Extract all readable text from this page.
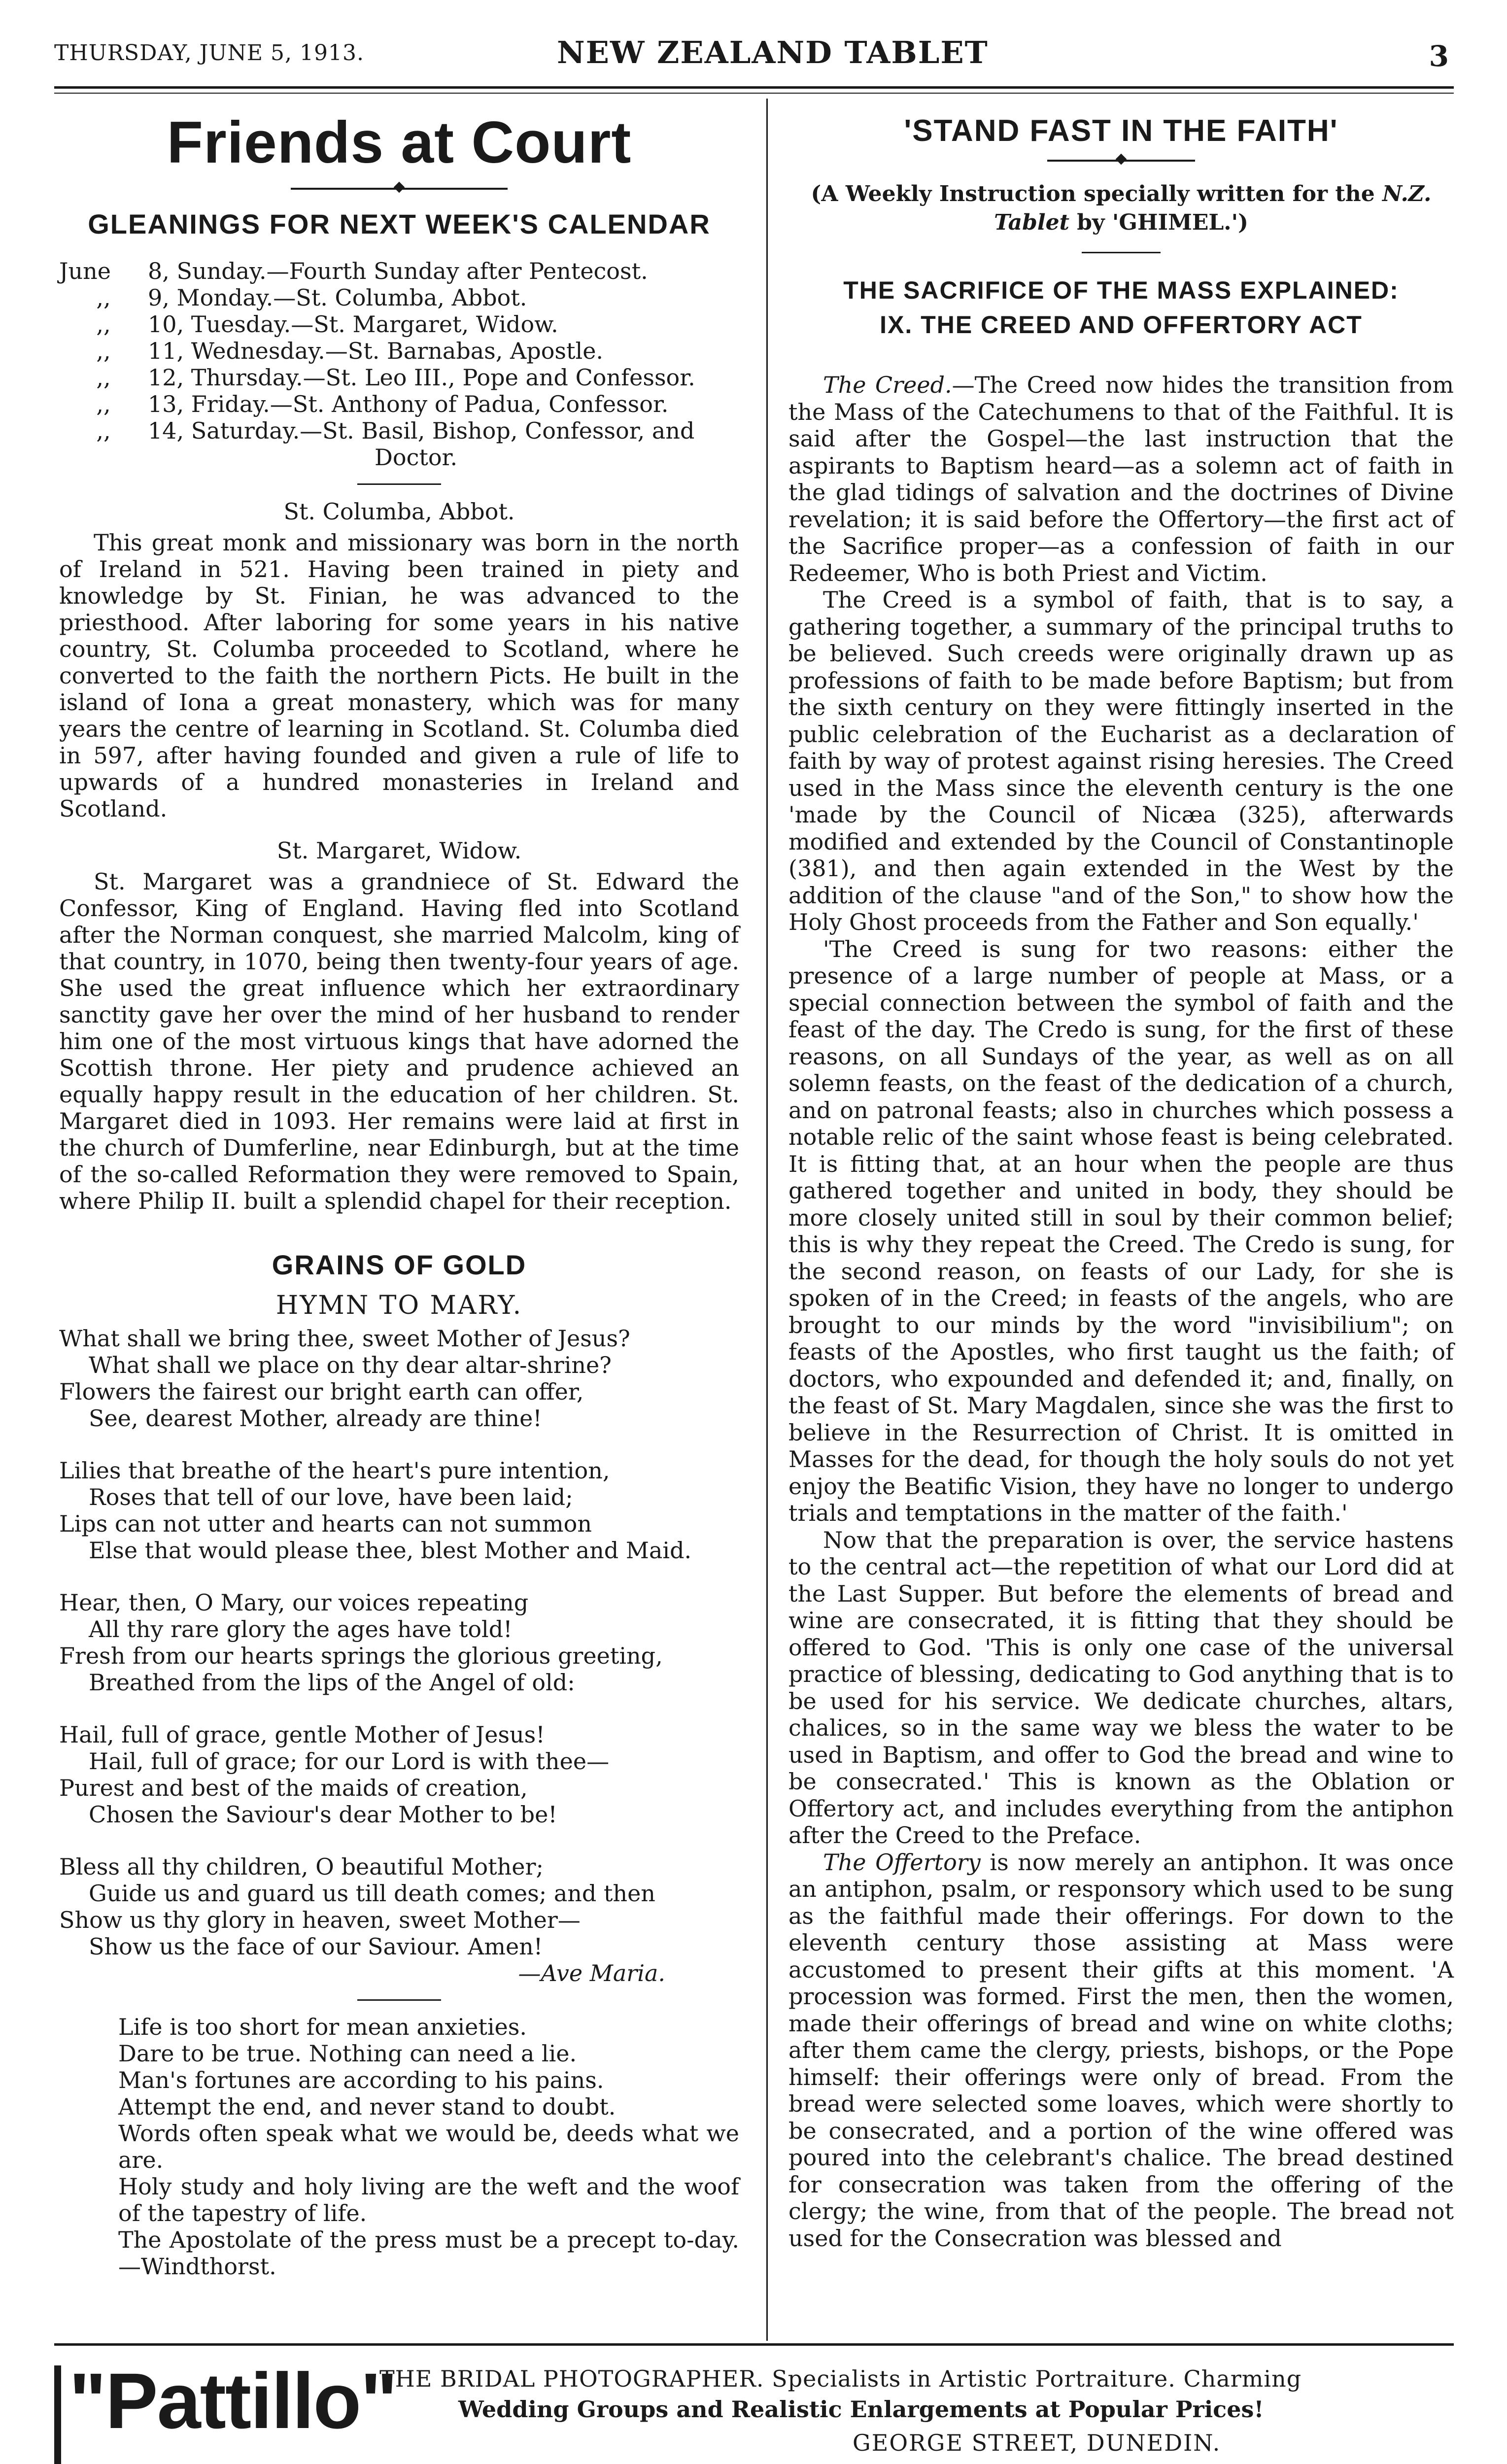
THURSDAY, JUNE 5, 1913.	NEW ZEALAND TABLET	3
Friends at Court
GLEANINGS FOR NEXT WEEK'S CALENDAR
June 8, Sunday.—Fourth Sunday after Pentecost.
,, 9, Monday.—St. Columba, Abbot.
,, 10, Tuesday.—St. Margaret, Widow.
,, 11, Wednesday.—St. Barnabas, Apostle.
,, 12, Thursday.—St. Leo III., Pope and Confessor.
,, 13, Friday.—St. Anthony of Padua, Confessor.
,, 14, Saturday.—St. Basil, Bishop, Confessor, and
Doctor.
St. Columba, Abbot.

This great monk and missionary was born in the north of Ireland in 521. Having been trained in piety and knowledge by St. Finian, he was advanced to the priesthood. After laboring for some years in his native country, St. Columba proceeded to Scotland, where he converted to the faith the northern Picts. He built in the island of Iona a great monastery, which was for many years the centre of learning in Scotland. St. Columba died in 597, after having founded and given a rule of life to upwards of a hundred monasteries in Ireland and Scotland.

St. Margaret, Widow.

St. Margaret was a grandniece of St. Edward the Confessor, King of England. Having fled into Scotland after the Norman conquest, she married Malcolm, king of that country, in 1070, being then twenty-four years of age. She used the great influence which her extraordinary sanctity gave her over the mind of her husband to render him one of the most virtuous kings that have adorned the Scottish throne. Her piety and prudence achieved an equally happy result in the education of her children. St. Margaret died in 1093. Her remains were laid at first in the church of Dumferline, near Edinburgh, but at the time of the so-called Reformation they were removed to Spain, where Philip II. built a splendid chapel for their reception.

GRAINS OF GOLD
HYMN TO MARY.
What shall we bring thee, sweet Mother of Jesus?
What shall we place on thy dear altar-shrine?
Flowers the fairest our bright earth can offer,
See, dearest Mother, already are thine!
Lilies that breathe of the heart's pure intention,
Roses that tell of our love, have been laid;
Lips can not utter and hearts can not summon
Else that would please thee, blest Mother and Maid.
Hear, then, O Mary, our voices repeating
All thy rare glory the ages have told!
Fresh from our hearts springs the glorious greeting,
Breathed from the lips of the Angel of old:
Hail, full of grace, gentle Mother of Jesus!
Hail, full of grace; for our Lord is with thee—
Purest and best of the maids of creation,
Chosen the Saviour's dear Mother to be!
Bless all thy children, O beautiful Mother;
Guide us and guard us till death comes; and then
Show us thy glory in heaven, sweet Mother—
Show us the face of our Saviour. Amen!
—Ave Maria.

Life is too short for mean anxieties.

Dare to be true. Nothing can need a lie.

Man's fortunes are according to his pains.

Attempt the end, and never stand to doubt.

Words often speak what we would be, deeds what we are.

Holy study and holy living are the weft and the woof of the tapestry of life.

The Apostolate of the press must be a precept to-day.—Windthorst.

'STAND FAST IN THE FAITH'
(A Weekly Instruction specially written for the N.Z. Tablet by 'GHIMEL.')
THE SACRIFICE OF THE MASS EXPLAINED:
IX. THE CREED AND OFFERTORY ACT

The Creed.—The Creed now hides the transition from the Mass of the Catechumens to that of the Faithful. It is said after the Gospel—the last instruction that the aspirants to Baptism heard—as a solemn act of faith in the glad tidings of salvation and the doctrines of Divine revelation; it is said before the Offertory—the first act of the Sacrifice proper—as a confession of faith in our Redeemer, Who is both Priest and Victim.

The Creed is a symbol of faith, that is to say, a gathering together, a summary of the principal truths to be believed. Such creeds were originally drawn up as professions of faith to be made before Baptism; but from the sixth century on they were fittingly inserted in the public celebration of the Eucharist as a declaration of faith by way of protest against rising heresies. The Creed used in the Mass since the eleventh century is the one 'made by the Council of Nicæa (325), afterwards modified and extended by the Council of Constantinople (381), and then again extended in the West by the addition of the clause "and of the Son," to show how the Holy Ghost proceeds from the Father and Son equally.'

'The Creed is sung for two reasons: either the presence of a large number of people at Mass, or a special connection between the symbol of faith and the feast of the day. The Credo is sung, for the first of these reasons, on all Sundays of the year, as well as on all solemn feasts, on the feast of the dedication of a church, and on patronal feasts; also in churches which possess a notable relic of the saint whose feast is being celebrated. It is fitting that, at an hour when the people are thus gathered together and united in body, they should be more closely united still in soul by their common belief; this is why they repeat the Creed. The Credo is sung, for the second reason, on feasts of our Lady, for she is spoken of in the Creed; in feasts of the angels, who are brought to our minds by the word "invisibilium"; on feasts of the Apostles, who first taught us the faith; of doctors, who expounded and defended it; and, finally, on the feast of St. Mary Magdalen, since she was the first to believe in the Resurrection of Christ. It is omitted in Masses for the dead, for though the holy souls do not yet enjoy the Beatific Vision, they have no longer to undergo trials and temptations in the matter of the faith.'

Now that the preparation is over, the service hastens to the central act—the repetition of what our Lord did at the Last Supper. But before the elements of bread and wine are consecrated, it is fitting that they should be offered to God. 'This is only one case of the universal practice of blessing, dedicating to God anything that is to be used for his service. We dedicate churches, altars, chalices, so in the same way we bless the water to be used in Baptism, and offer to God the bread and wine to be consecrated.' This is known as the Oblation or Offertory act, and includes everything from the antiphon after the Creed to the Preface.

The Offertory is now merely an antiphon. It was once an antiphon, psalm, or responsory which used to be sung as the faithful made their offerings. For down to the eleventh century those assisting at Mass were accustomed to present their gifts at this moment. 'A procession was formed. First the men, then the women, made their offerings of bread and wine on white cloths; after them came the clergy, priests, bishops, or the Pope himself: their offerings were only of bread. From the bread were selected some loaves, which were shortly to be consecrated, and a portion of the wine offered was poured into the celebrant's chalice. The bread destined for consecration was taken from the offering of the clergy; the wine, from that of the people. The bread not used for the Consecration was blessed and

"Pattillo"
THE BRIDAL PHOTOGRAPHER. Specialists in Artistic Portraiture. Charming
Wedding Groups and Realistic Enlargements at Popular Prices!
GEORGE STREET, DUNEDIN.
